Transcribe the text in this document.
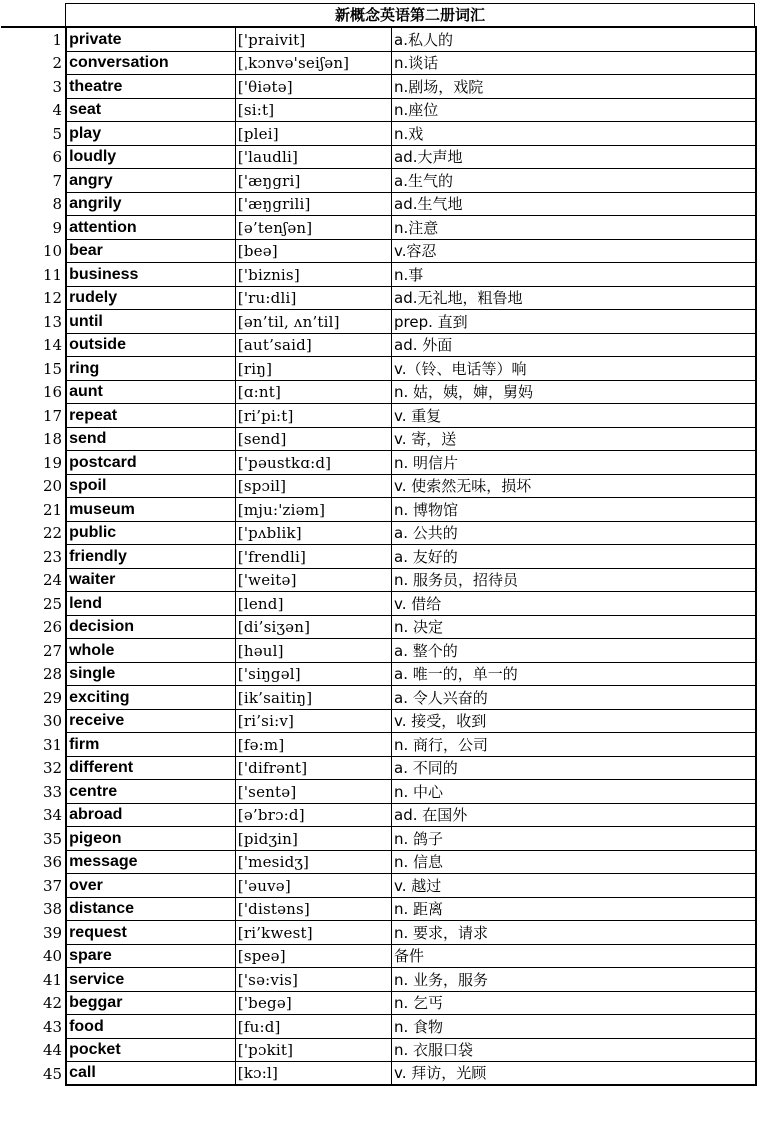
新概念英语第二册词汇
1	private	['praivit]	a.私人的
2	conversation	[ˌkɔnvə'seiʃən]	n.谈话
3	theatre	['θiətə]	n.剧场，戏院
4	seat	[si:t]	n.座位
5	play	[plei]	n.戏
6	loudly	['laudli]	ad.大声地
7	angry	['æŋgri]	a.生气的
8	angrily	['æŋgrili]	ad.生气地
9	attention	[ə’tenʃən]	n.注意
10	bear	[beə]	v.容忍
11	business	['biznis]	n.事
12	rudely	['ru:dli]	ad.无礼地，粗鲁地
13	until	[ən’til, ʌn’til]	prep. 直到
14	outside	[aut’said]	ad. 外面
15	ring	[riŋ]	v.（铃、电话等）响
16	aunt	[ɑ:nt]	n. 姑，姨，婶，舅妈
17	repeat	[ri’pi:t]	v. 重复
18	send	[send]	v. 寄，送
19	postcard	['pəustkɑ:d]	n. 明信片
20	spoil	[spɔil]	v. 使索然无味，损坏
21	museum	[mju:'ziəm]	n. 博物馆
22	public	['pʌblik]	a. 公共的
23	friendly	['frendli]	a. 友好的
24	waiter	['weitə]	n. 服务员，招待员
25	lend	[lend]	v. 借给
26	decision	[di’siʒən]	n. 决定
27	whole	[həul]	a. 整个的
28	single	['siŋgəl]	a. 唯一的，单一的
29	exciting	[ik’saitiŋ]	a. 令人兴奋的
30	receive	[ri’si:v]	v. 接受，收到
31	firm	[fə:m]	n. 商行，公司
32	different	['difrənt]	a. 不同的
33	centre	['sentə]	n. 中心
34	abroad	[ə’brɔ:d]	ad. 在国外
35	pigeon	[pidʒin]	n. 鸽子
36	message	['mesidʒ]	n. 信息
37	over	['əuvə]	v. 越过
38	distance	['distəns]	n. 距离
39	request	[ri’kwest]	n. 要求，请求
40	spare	[speə]	备件
41	service	['sə:vis]	n. 业务，服务
42	beggar	['begə]	n. 乞丐
43	food	[fu:d]	n. 食物
44	pocket	['pɔkit]	n. 衣服口袋
45	call	[kɔ:l]	v. 拜访，光顾
